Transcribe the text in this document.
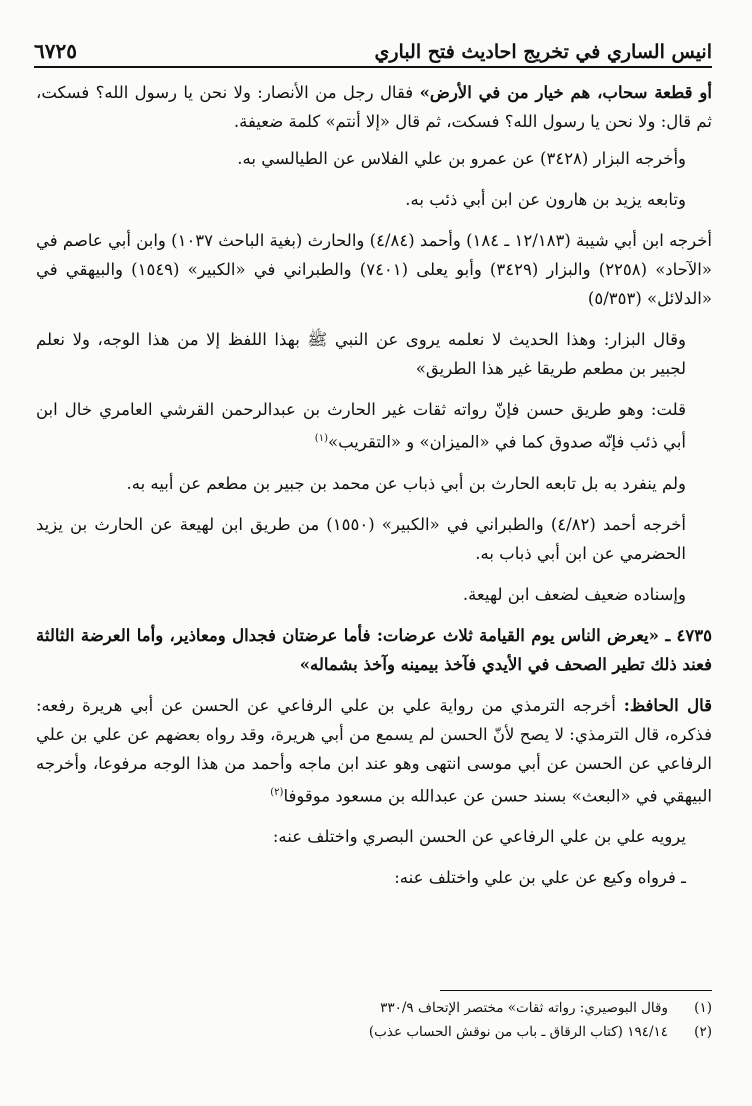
انيس الساري في تخريج احاديث فتح الباري
٦٧٢٥

أو قطعة سحاب، هم خيار من في الأرض» فقال رجل من الأنصار: ولا نحن يا رسول الله؟ فسكت، ثم قال: ولا نحن يا رسول الله؟ فسكت، ثم قال «إلا أنتم» كلمة ضعيفة.

وأخرجه البزار (٣٤٢٨) عن عمرو بن علي الفلاس عن الطيالسي به.

وتابعه يزيد بن هارون عن ابن أبي ذئب به.

أخرجه ابن أبي شيبة (١٢/١٨٣ ـ ١٨٤) وأحمد (٤/٨٤) والحارث (بغية الباحث ١٠٣٧) وابن أبي عاصم في «الآحاد» (٢٢٥٨) والبزار (٣٤٢٩) وأبو يعلى (٧٤٠١) والطبراني في «الكبير» (١٥٤٩) والبيهقي في «الدلائل» (٥/٣٥٣)

وقال البزار: وهذا الحديث لا نعلمه يروى عن النبي ﷺ بهذا اللفظ إلا من هذا الوجه، ولا نعلم لجبير بن مطعم طريقا غير هذا الطريق»

قلت: وهو طريق حسن فإنّ رواته ثقات غير الحارث بن عبدالرحمن القرشي العامري خال ابن أبي ذئب فإنّه صدوق كما في «الميزان» و «التقريب»$^{(١)}$

ولم ينفرد به بل تابعه الحارث بن أبي ذباب عن محمد بن جبير بن مطعم عن أبيه به.

أخرجه أحمد (٤/٨٢) والطبراني في «الكبير» (١٥٥٠) من طريق ابن لهيعة عن الحارث بن يزيد الحضرمي عن ابن أبي ذباب به.

وإسناده ضعيف لضعف ابن لهيعة.

٤٧٣٥ ـ «يعرض الناس يوم القيامة ثلاث عرضات: فأما عرضتان فجدال ومعاذير، وأما العرضة الثالثة فعند ذلك تطير الصحف في الأيدي فآخذ بيمينه وآخذ بشماله»

قال الحافظ: أخرجه الترمذي من رواية علي بن علي الرفاعي عن الحسن عن أبي هريرة رفعه: فذكره، قال الترمذي: لا يصح لأنّ الحسن لم يسمع من أبي هريرة، وقد رواه بعضهم عن علي بن علي الرفاعي عن الحسن عن أبي موسى انتهى وهو عند ابن ماجه وأحمد من هذا الوجه مرفوعا، وأخرجه البيهقي في «البعث» بسند حسن عن عبدالله بن مسعود موقوفا$^{(٢)}$

يرويه علي بن علي الرفاعي عن الحسن البصري واختلف عنه:

ـ فرواه وكيع عن علي بن علي واختلف عنه:

(١)
وقال البوصيري: رواته ثقات» مختصر الإتحاف ٣٣٠/٩
(٢)
١٩٤/١٤ (كتاب الرقاق ـ باب من نوقش الحساب عذب)
